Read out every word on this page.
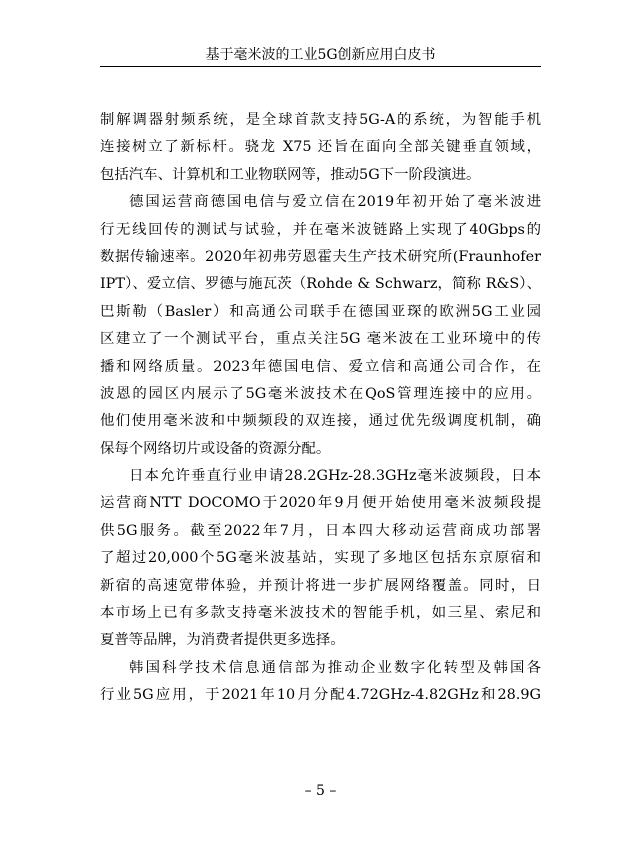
基于毫米波的工业5G创新应用白皮书
制解调器射频系统，是全球首款支持5G-A的系统，为智能手机
连接树立了新标杆。骁龙 X75 还旨在面向全部关键垂直领域，
包括汽车、计算机和工业物联网等，推动5G下一阶段演进。
德国运营商德国电信与爱立信在2019年初开始了毫米波进
行无线回传的测试与试验，并在毫米波链路上实现了40Gbps的
数据传输速率。2020年初弗劳恩霍夫生产技术研究所(Fraunhofer
IPT）、爱立信、罗德与施瓦茨（Rohde & Schwarz，简称 R&S）、
巴斯勒（Basler）和高通公司联手在德国亚琛的欧洲5G工业园
区建立了一个测试平台，重点关注5G 毫米波在工业环境中的传
播和网络质量。2023年德国电信、爱立信和高通公司合作，在
波恩的园区内展示了5G毫米波技术在QoS管理连接中的应用。
他们使用毫米波和中频频段的双连接，通过优先级调度机制，确
保每个网络切片或设备的资源分配。
日本允许垂直行业申请28.2GHz-28.3GHz毫米波频段，日本
运营商NTT DOCOMO于2020年9月便开始使用毫米波频段提
供5G服务。截至2022年7月，日本四大移动运营商成功部署
了超过20,000个5G毫米波基站，实现了多地区包括东京原宿和
新宿的高速宽带体验，并预计将进一步扩展网络覆盖。同时，日
本市场上已有多款支持毫米波技术的智能手机，如三星、索尼和
夏普等品牌，为消费者提供更多选择。
韩国科学技术信息通信部为推动企业数字化转型及韩国各
行业5G应用，于2021年10月分配4.72GHz-4.82GHz和28.9G
– 5 –
